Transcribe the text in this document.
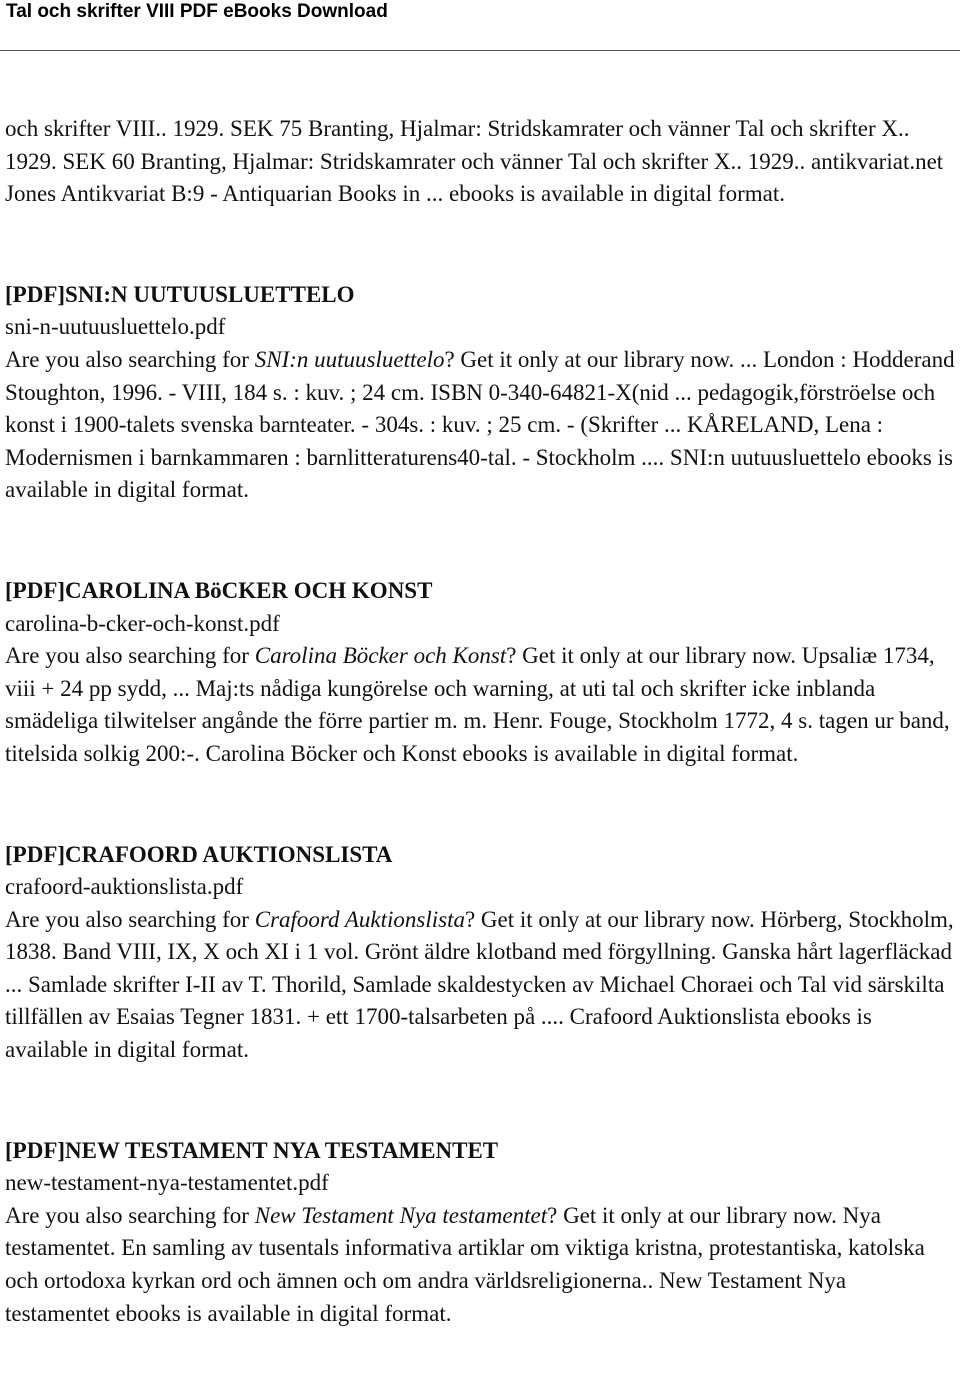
Tal och skrifter VIII PDF eBooks Download

och skrifter VIII.. 1929. SEK 75 Branting, Hjalmar: Stridskamrater och vänner Tal och skrifter X.. 1929. SEK 60 Branting, Hjalmar: Stridskamrater och vänner Tal och skrifter X.. 1929.. antikvariat.net Jones Antikvariat B:9 - Antiquarian Books in ... ebooks is available in digital format.

[PDF]SNI:N UUTUUSLUETTELO

sni-n-uutuusluettelo.pdf

Are you also searching for SNI:n uutuusluettelo? Get it only at our library now. ... London : Hodderand Stoughton, 1996. - VIII, 184 s. : kuv. ; 24 cm. ISBN 0-340-64821-X(nid ... pedagogik,förströelse och konst i 1900-talets svenska barnteater. - 304s. : kuv. ; 25 cm. - (Skrifter ... KÅRELAND, Lena : Modernismen i barnkammaren : barnlitteraturens40-tal. - Stockholm .... SNI:n uutuusluettelo ebooks is available in digital format.

[PDF]CAROLINA BöCKER OCH KONST

carolina-b-cker-och-konst.pdf

Are you also searching for Carolina Böcker och Konst? Get it only at our library now. Upsaliæ 1734, viii + 24 pp sydd, ... Maj:ts nådiga kungörelse och warning, at uti tal och skrifter icke inblanda smädeliga tilwitelser angånde the förre partier m. m. Henr. Fouge, Stockholm 1772, 4 s. tagen ur band, titelsida solkig 200:-. Carolina Böcker och Konst ebooks is available in digital format.

[PDF]CRAFOORD AUKTIONSLISTA

crafoord-auktionslista.pdf

Are you also searching for Crafoord Auktionslista? Get it only at our library now. Hörberg, Stockholm, 1838. Band VIII, IX, X och XI i 1 vol. Grönt äldre klotband med förgyllning. Ganska hårt lagerfläckad ... Samlade skrifter I-II av T. Thorild, Samlade skaldestycken av Michael Choraei och Tal vid särskilta tillfällen av Esaias Tegner 1831. + ett 1700-talsarbeten på .... Crafoord Auktionslista ebooks is available in digital format.

[PDF]NEW TESTAMENT NYA TESTAMENTET

new-testament-nya-testamentet.pdf

Are you also searching for New Testament Nya testamentet? Get it only at our library now. Nya testamentet. En samling av tusentals informativa artiklar om viktiga kristna, protestantiska, katolska och ortodoxa kyrkan ord och ämnen och om andra världsreligionerna.. New Testament Nya testamentet ebooks is available in digital format.
